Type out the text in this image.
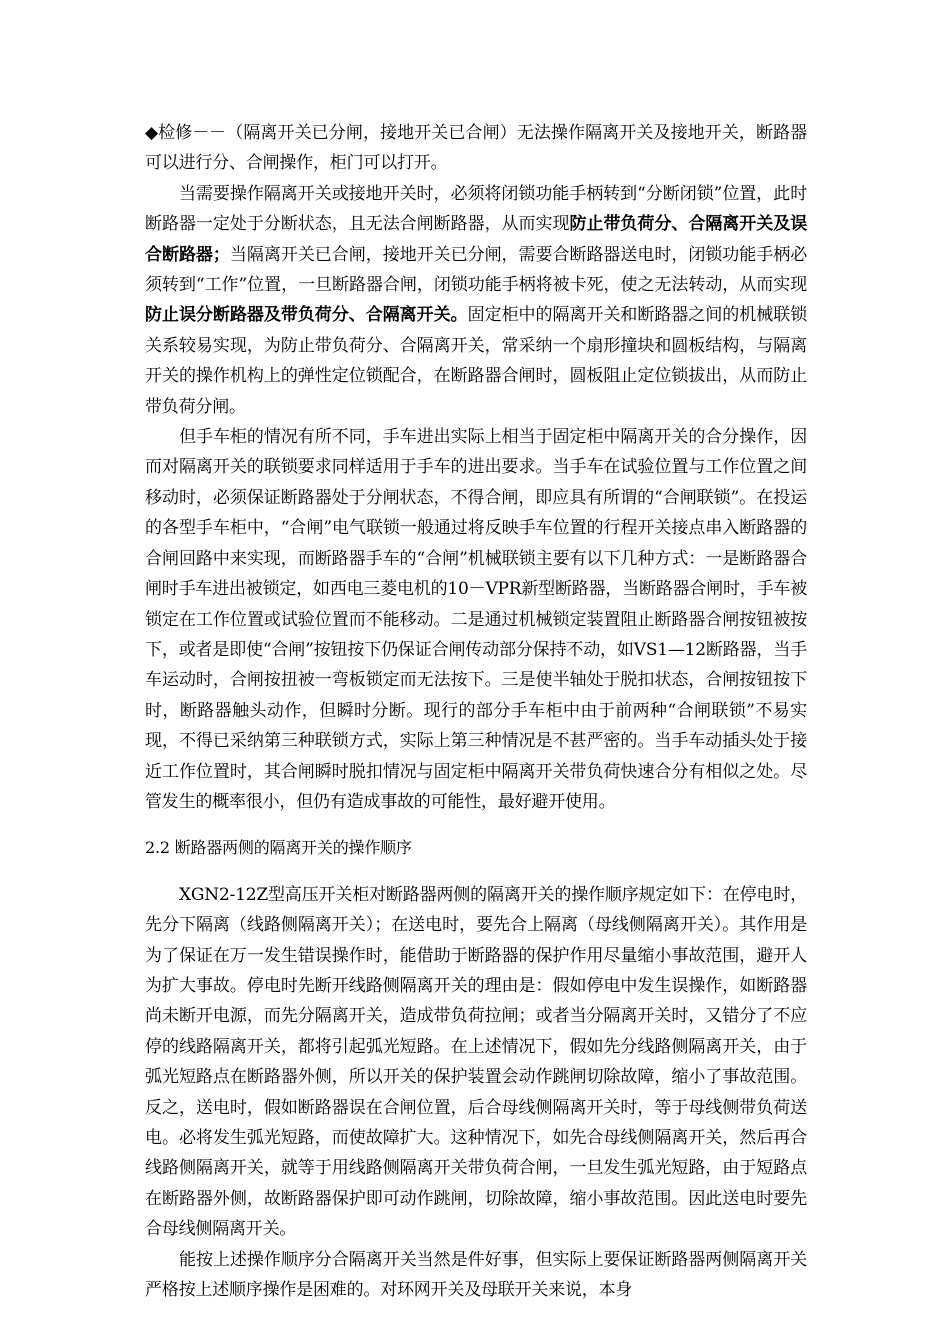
◆检修－－（隔离开关已分闸，接地开关已合闸）无法操作隔离开关及接地开关，断路器可以进行分、合闸操作，柜门可以打开。

当需要操作隔离开关或接地开关时，必须将闭锁功能手柄转到“分断闭锁”位置，此时断路器一定处于分断状态，且无法合闸断路器，从而实现防止带负荷分、合隔离开关及误合断路器；当隔离开关已合闸，接地开关已分闸，需要合断路器送电时，闭锁功能手柄必须转到“工作”位置，一旦断路器合闸，闭锁功能手柄将被卡死，使之无法转动，从而实现防止误分断路器及带负荷分、合隔离开关。固定柜中的隔离开关和断路器之间的机械联锁关系较易实现，为防止带负荷分、合隔离开关，常采纳一个扇形撞块和圆板结构，与隔离开关的操作机构上的弹性定位锁配合，在断路器合闸时，圆板阻止定位锁拔出，从而防止带负荷分闸。

但手车柜的情况有所不同，手车进出实际上相当于固定柜中隔离开关的合分操作，因而对隔离开关的联锁要求同样适用于手车的进出要求。当手车在试验位置与工作位置之间移动时，必须保证断路器处于分闸状态，不得合闸，即应具有所谓的“合闸联锁”。在投运的各型手车柜中，“合闸”电气联锁一般通过将反映手车位置的行程开关接点串入断路器的合闸回路中来实现，而断路器手车的“合闸”机械联锁主要有以下几种方式：一是断路器合闸时手车进出被锁定，如西电三菱电机的10－VPR新型断路器，当断路器合闸时，手车被锁定在工作位置或试验位置而不能移动。二是通过机械锁定装置阻止断路器合闸按钮被按下，或者是即使“合闸”按钮按下仍保证合闸传动部分保持不动，如VS1—12断路器，当手车运动时，合闸按扭被一弯板锁定而无法按下。三是使半轴处于脱扣状态，合闸按钮按下时，断路器触头动作，但瞬时分断。现行的部分手车柜中由于前两种“合闸联锁”不易实现，不得已采纳第三种联锁方式，实际上第三种情况是不甚严密的。当手车动插头处于接近工作位置时，其合闸瞬时脱扣情况与固定柜中隔离开关带负荷快速合分有相似之处。尽管发生的概率很小，但仍有造成事故的可能性，最好避开使用。

2.2 断路器两侧的隔离开关的操作顺序

XGN2-12Z型高压开关柜对断路器两侧的隔离开关的操作顺序规定如下：在停电时，先分下隔离（线路侧隔离开关）；在送电时，要先合上隔离（母线侧隔离开关）。其作用是为了保证在万一发生错误操作时，能借助于断路器的保护作用尽量缩小事故范围，避开人为扩大事故。停电时先断开线路侧隔离开关的理由是：假如停电中发生误操作，如断路器尚未断开电源，而先分隔离开关，造成带负荷拉闸；或者当分隔离开关时，又错分了不应停的线路隔离开关，都将引起弧光短路。在上述情况下，假如先分线路侧隔离开关，由于弧光短路点在断路器外侧，所以开关的保护装置会动作跳闸切除故障，缩小了事故范围。反之，送电时，假如断路器误在合闸位置，后合母线侧隔离开关时，等于母线侧带负荷送电。必将发生弧光短路，而使故障扩大。这种情况下，如先合母线侧隔离开关，然后再合线路侧隔离开关，就等于用线路侧隔离开关带负荷合闸，一旦发生弧光短路，由于短路点在断路器外侧，故断路器保护即可动作跳闸，切除故障，缩小事故范围。因此送电时要先合母线侧隔离开关。

能按上述操作顺序分合隔离开关当然是件好事，但实际上要保证断路器两侧隔离开关严格按上述顺序操作是困难的。对环网开关及母联开关来说，本身
